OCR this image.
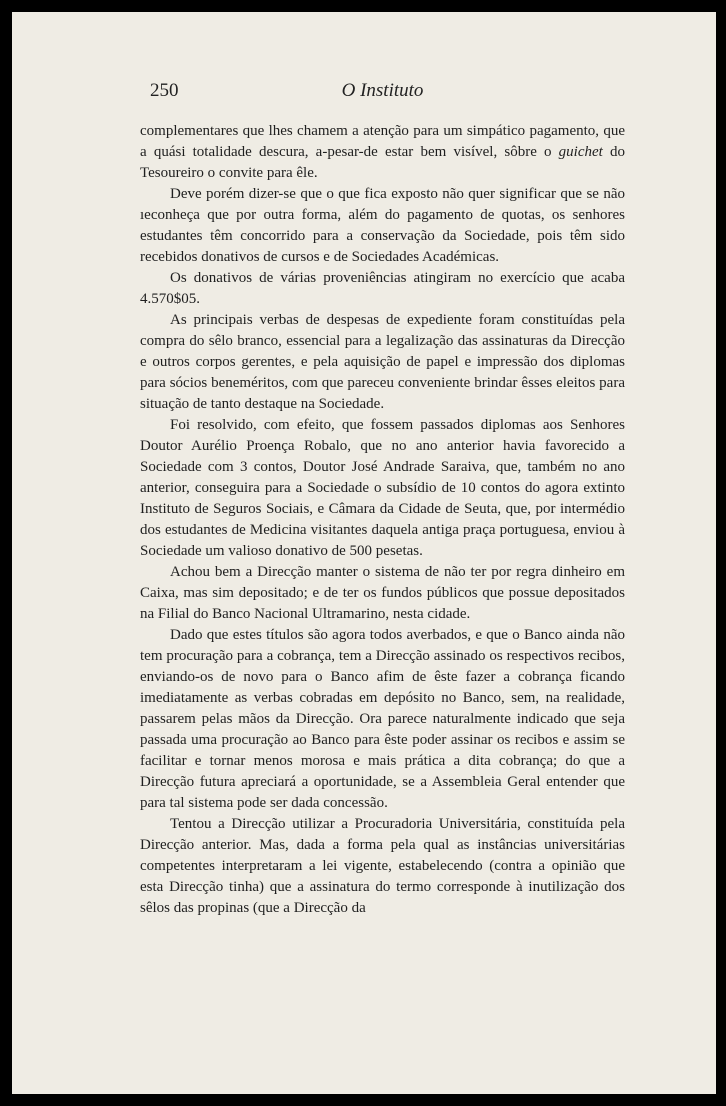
250	O Instituto

complementares que lhes chamem a atenção para um simpático pagamento, que a quási totalidade descura, a-pesar-de estar bem visível, sôbre o guichet do Tesoureiro o convite para êle.

Deve porém dizer-se que o que fica exposto não quer significar que se não ıeconheça que por outra forma, além do pagamento de quotas, os senhores estudantes têm concorrido para a conservação da Sociedade, pois têm sido recebidos donativos de cursos e de Sociedades Académicas.

Os donativos de várias proveniências atingiram no exercício que acaba 4.570$05.

As principais verbas de despesas de expediente foram constituídas pela compra do sêlo branco, essencial para a legalização das assinaturas da Direcção e outros corpos gerentes, e pela aquisição de papel e impressão dos diplomas para sócios beneméritos, com que pareceu conveniente brindar êsses eleitos para situação de tanto destaque na Sociedade.

Foi resolvido, com efeito, que fossem passados diplomas aos Senhores Doutor Aurélio Proença Robalo, que no ano anterior havia favorecido a Sociedade com 3 contos, Doutor José Andrade Saraiva, que, também no ano anterior, conseguira para a Sociedade o subsídio de 10 contos do agora extinto Instituto de Seguros Sociais, e Câmara da Cidade de Seuta, que, por intermédio dos estudantes de Medicina visitantes daquela antiga praça portuguesa, enviou à Sociedade um valioso donativo de 500 pesetas.

Achou bem a Direcção manter o sistema de não ter por regra dinheiro em Caixa, mas sim depositado; e de ter os fundos públicos que possue depositados na Filial do Banco Nacional Ultramarino, nesta cidade.

Dado que estes títulos são agora todos averbados, e que o Banco ainda não tem procuração para a cobrança, tem a Direcção assinado os respectivos recibos, enviando-os de novo para o Banco afim de êste fazer a cobrança ficando imediatamente as verbas cobradas em depósito no Banco, sem, na realidade, passarem pelas mãos da Direcção. Ora parece naturalmente indicado que seja passada uma procuração ao Banco para êste poder assinar os recibos e assim se facilitar e tornar menos morosa e mais prática a dita cobrança; do que a Direcção futura apreciará a oportunidade, se a Assembleia Geral entender que para tal sistema pode ser dada concessão.

Tentou a Direcção utilizar a Procuradoria Universitária, constituída pela Direcção anterior. Mas, dada a forma pela qual as instâncias universitárias competentes interpretaram a lei vigente, estabelecendo (contra a opinião que esta Direcção tinha) que a assinatura do termo corresponde à inutilização dos sêlos das propinas (que a Direcção da
